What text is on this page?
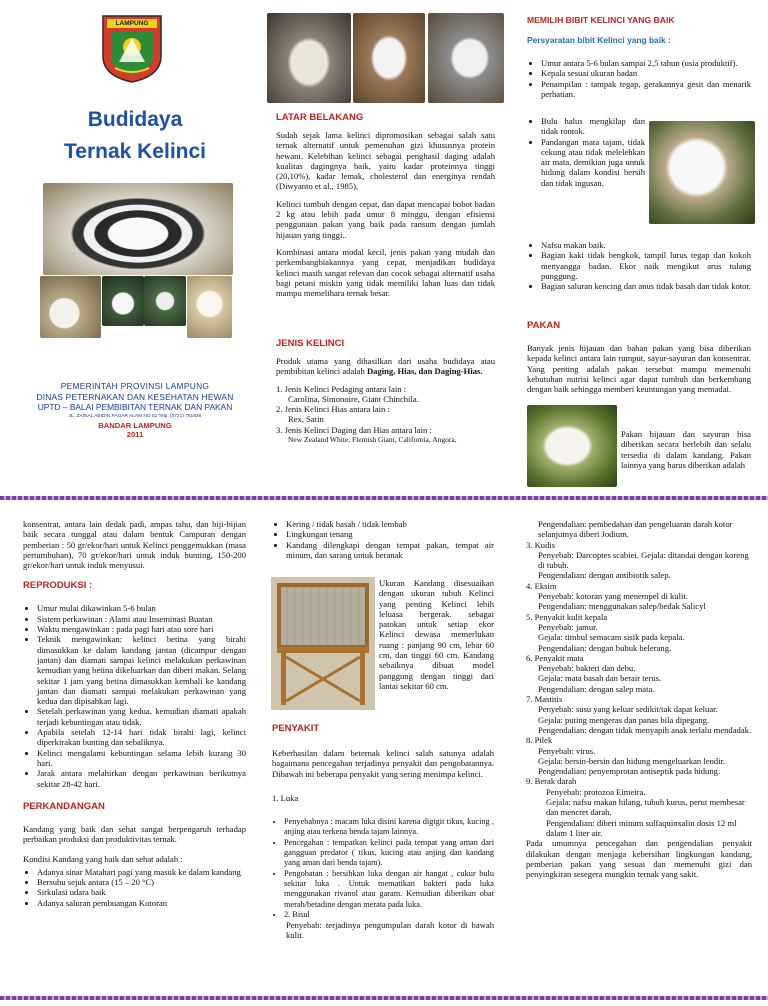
LAMPUNG
Budidaya
Ternak Kelinci
PEMERINTAH PROVINSI LAMPUNG
DINAS PETERNAKAN DAN KESEHATAN HEWAN
UPTD – BALAI PEMBIBITAN TERNAK DAN PAKAN
JL. ZAINAL ABIDIN PAGAR ALAM NO 52 Telp. (0721) 781826
BANDAR LAMPUNG
2011
LATAR BELAKANG

Sudah sejak lama kelinci dipromosikan sebagai salah satu ternak alternatif untuk pemenuhan gizi khususnya protein hewani. Kelebihan kelinci sebagai penghasil daging adalah kualitas dagingnya baik, yaitu kadar proteinnya tinggi (20,10%), kadar lemak, cholesterol dan energinya rendah (Diwyanto et al., 1985),

Kelinci tumbuh dengan cepat, dan dapat mencapai bobot badan 2 kg atau lebih pada umur 8 minggu, dengan efisiensi penggunaan pakan yang baik pada ransum dengan jumlah hijauan yang tinggi..

Kombinasi antara modal kecil, jenis pakan yang mudah dan perkembangbiakannya yang cepat, menjadikan budidaya kelinci masih sangat relevan dan cocok sebagai alternatif usaha bagi petani miskin yang tidak memiliki lahan luas dan tidak mampu memelihara ternak besar.

JENIS KELINCI

Produk utama yang dihasilkan dari usaha budidaya atau pembibitan kelinci adalah Daging, Hias, dan Daging-Hias.

1. Jenis Kelinci Pedaging antara lain :
Carolina, Simonoire, Giant Chinchila.
2. Jenis Kelinci Hias antara lain :
Rex, Satin
3. Jenis Kelinci Daging dan Hias antara lain :
New Zealand White, Flemish Giant, California, Angora,
MEMILIH BIBIT KELINCI YANG BAIK
Persyaratan bibit Kelinci yang baik :
• Umur antara 5-6 bulan sampai 2,5 tahun (usia produktif).
• Kepala sesuai ukuran badan
• Penampilan : tampak tegap, gerakannya gesit dan menarik perhatian.
• Bulu halus mengkilap dan tidak rontok.
• Pandangan mata tajam, tidak cekung atau tidak melelehkan air mata, demikian juga untuk hidung dalam kondisi bersih dan tidak ingusan.
• Nafsu makan baik.
• Bagian kaki tidak bengkok, tampil lurus tegap dan kokoh menyangga badan. Ekor naik mengikut arus tulang punggung.
• Bagian saluran kencing dan anus tidak basah dan tidak kotor.
PAKAN
Banyak jenis hijauan dan bahan pakan yang bisa diberikan kepada kelinci antara lain rumput, sayur-sayuran dan konsentrat. Yang penting adalah pakan tersebut mampu memenuhi kebutuhan nutrisi kelinci agar dapat tumbuh dan berkembang dengan baik sehingga memberi keuntungan yang memadai.
Pakan hijauan dan sayuran bisa diberikan secara berlebih dan selalu tersedia di dalam kandang. Pakan lainnya yang harus diberikan adalah

konsentrat, antara lain dedak padi, ampas tahu, dan biji-bijian baik secara tunggal atau dalam bentuk Campuran dengan pemberian : 50 gr/ekor/hari untuk Kelinci penggemukkan (masa pertumbuhan), 70 gr/ekor/hari untuk induk bunting, 150-200 gr/ekor/hari untuk induk menyusui.

REPRODUKSI :
• Umur mulai dikawinkan 5-6 bulan
• Sistem perkawinan : Alami atau Inseminasi Buatan
• Waktu mengawinkan : pada pagi hari atau sore hari
• Teknik mengawinkan: kelinci betina yang birahi dimasukkan ke dalam kandang jantan (dicampur dengan jantan) dan diamati sampai kelinci melakukan perkawinan kemudian yang betina dikeluarkan dan diberi makan. Selang sekitar 1 jam yang betina dimasukkan kembali ke kandang jantan dan diamati sampai melakukan perkawinan yang kedua dan dipisahkan lagi.
• Setelah perkawinan yang kedua, kemudian diamati apakah terjadi kebuntingan atau tidak.
• Apabila setelah 12-14 hari tidak birahi lagi, kelinci diperkirakan bunting dan sebaliknya.
• Kelinci mengalami kebuntingan selama lebih kurang 30 hari.
• Jarak antara melahirkan dengan perkawinan berikutnya sekitar 28-42 hari.
PERKANDANGAN

Kandang yang baik dan sehat sangat berpengaruh terhadap perbaikan produksi dan produktivitas ternak.

Kondisi Kandang yang baik dan sehat adalah :

• Adanya sinar Matahari pagi yang masuk ke dalam kandang
• Bersuhu sejuk antara (15 – 20 °C)
• Sirkulasi udara baik
• Adanya saluran pembuangan Kotoran
• Kering / tidak basah / tidak lembab
• Lingkungan tenang
• Kandang dilengkapi dengan tempat pakan, tempat air minum, dan sarang untuk beranak
Ukuran Kandang disesuaikan dengan ukuran tubuh Kelinci yang penting Kelinci lebih leluasa bergerak. sebagai patokan untuk setiap ekor Kelinci dewasa memerlukan ruang : panjang 90 cm, lebar 60 cm, dan tinggi 60 cm. Kandang sebaiknya dibuat model panggung dengan tinggi dari lantai sekitar 60 cm.
PENYAKIT

Keberhasilan dalam beternak kelinci salah satunya adalah bagaimana pencegahan terjadinya penyakit dan pengobatannya. Dibawah ini beberapa penyakit yang sering menimpa kelinci.

1. Luka

• Penyebabnya : macam luka disini karena digigit tikus, kucing , anjing atau terkena benda tajam lainnya.
• Pencegahan : tempatkan kelinci pada tempat yang aman dari gangguan predator ( tikus, kucing atau anjing dan kandang yang aman dari benda tajam).
• Pengobatan : bersihkan luka dengan air hangat , cukur bulu sekitar luka . Untuk mematikan bakteri pada luka menggunakan rivanol atau garam. Kemudian diberikan obat merah/betadine dengan merata pada luka.
• 2. Bisul
Penyebab: terjadinya pengumpulan darah kotor di bawah kulit.
Pengendalian: pembedahan dan pengeluaran darah kotor selanjutnya diberi Jodium.
3. Kudis
Penyebab: Darcoptes scabiei. Gejala: ditandai dengan koreng di tubuh.
Pengendalian: dengan antibiotik salep.
4. Eksim
Penyebab: kotoran yang menempel di kulit.
Pengendalian: menggunakan salep/bedak Salicyl
5. Penyakit kulit kepala
Penyebab: jamur.
Gejala: timbul semacam sisik pada kepala.
Pengendalian: dengan bubuk belerang.
6. Penyakit mata
Penyebab: bakteri dan debu.
Gejala: mata basah dan berair terus.
Pengendalian: dengan salep mata.
7. Mastitis
Penyebab: susu yang keluar sedikit/tak dapat keluar.
Gejala: puting mengeras dan panas bila dipegang.
Pengendalian: dengan tidak menyapih anak terlalu mendadak.
8. Pilek
Penyebab: virus.
Gejala: bersin-bersin dan hidung mengeluarkan lendir.
Pengendalian: penyemprotan antiseptik pada hidung.
9. Berak darah
Penyebab: protozoa Eimeira.
Gejala: nafsu makan hilang, tubuh kurus, perut membesar dan mencret darah.
Pengendalian: diberi minum sulfaquinxalin dosis 12 ml dalam 1 liter air.
Pada umumnya pencegahan dan pengendalian penyakit dilakukan dengan menjaga kebersihan lingkungan kandang, pemberian pakan yang sesuai dan memenuhi gizi dan penyingkiran sesegera mungkin ternak yang sakit.
